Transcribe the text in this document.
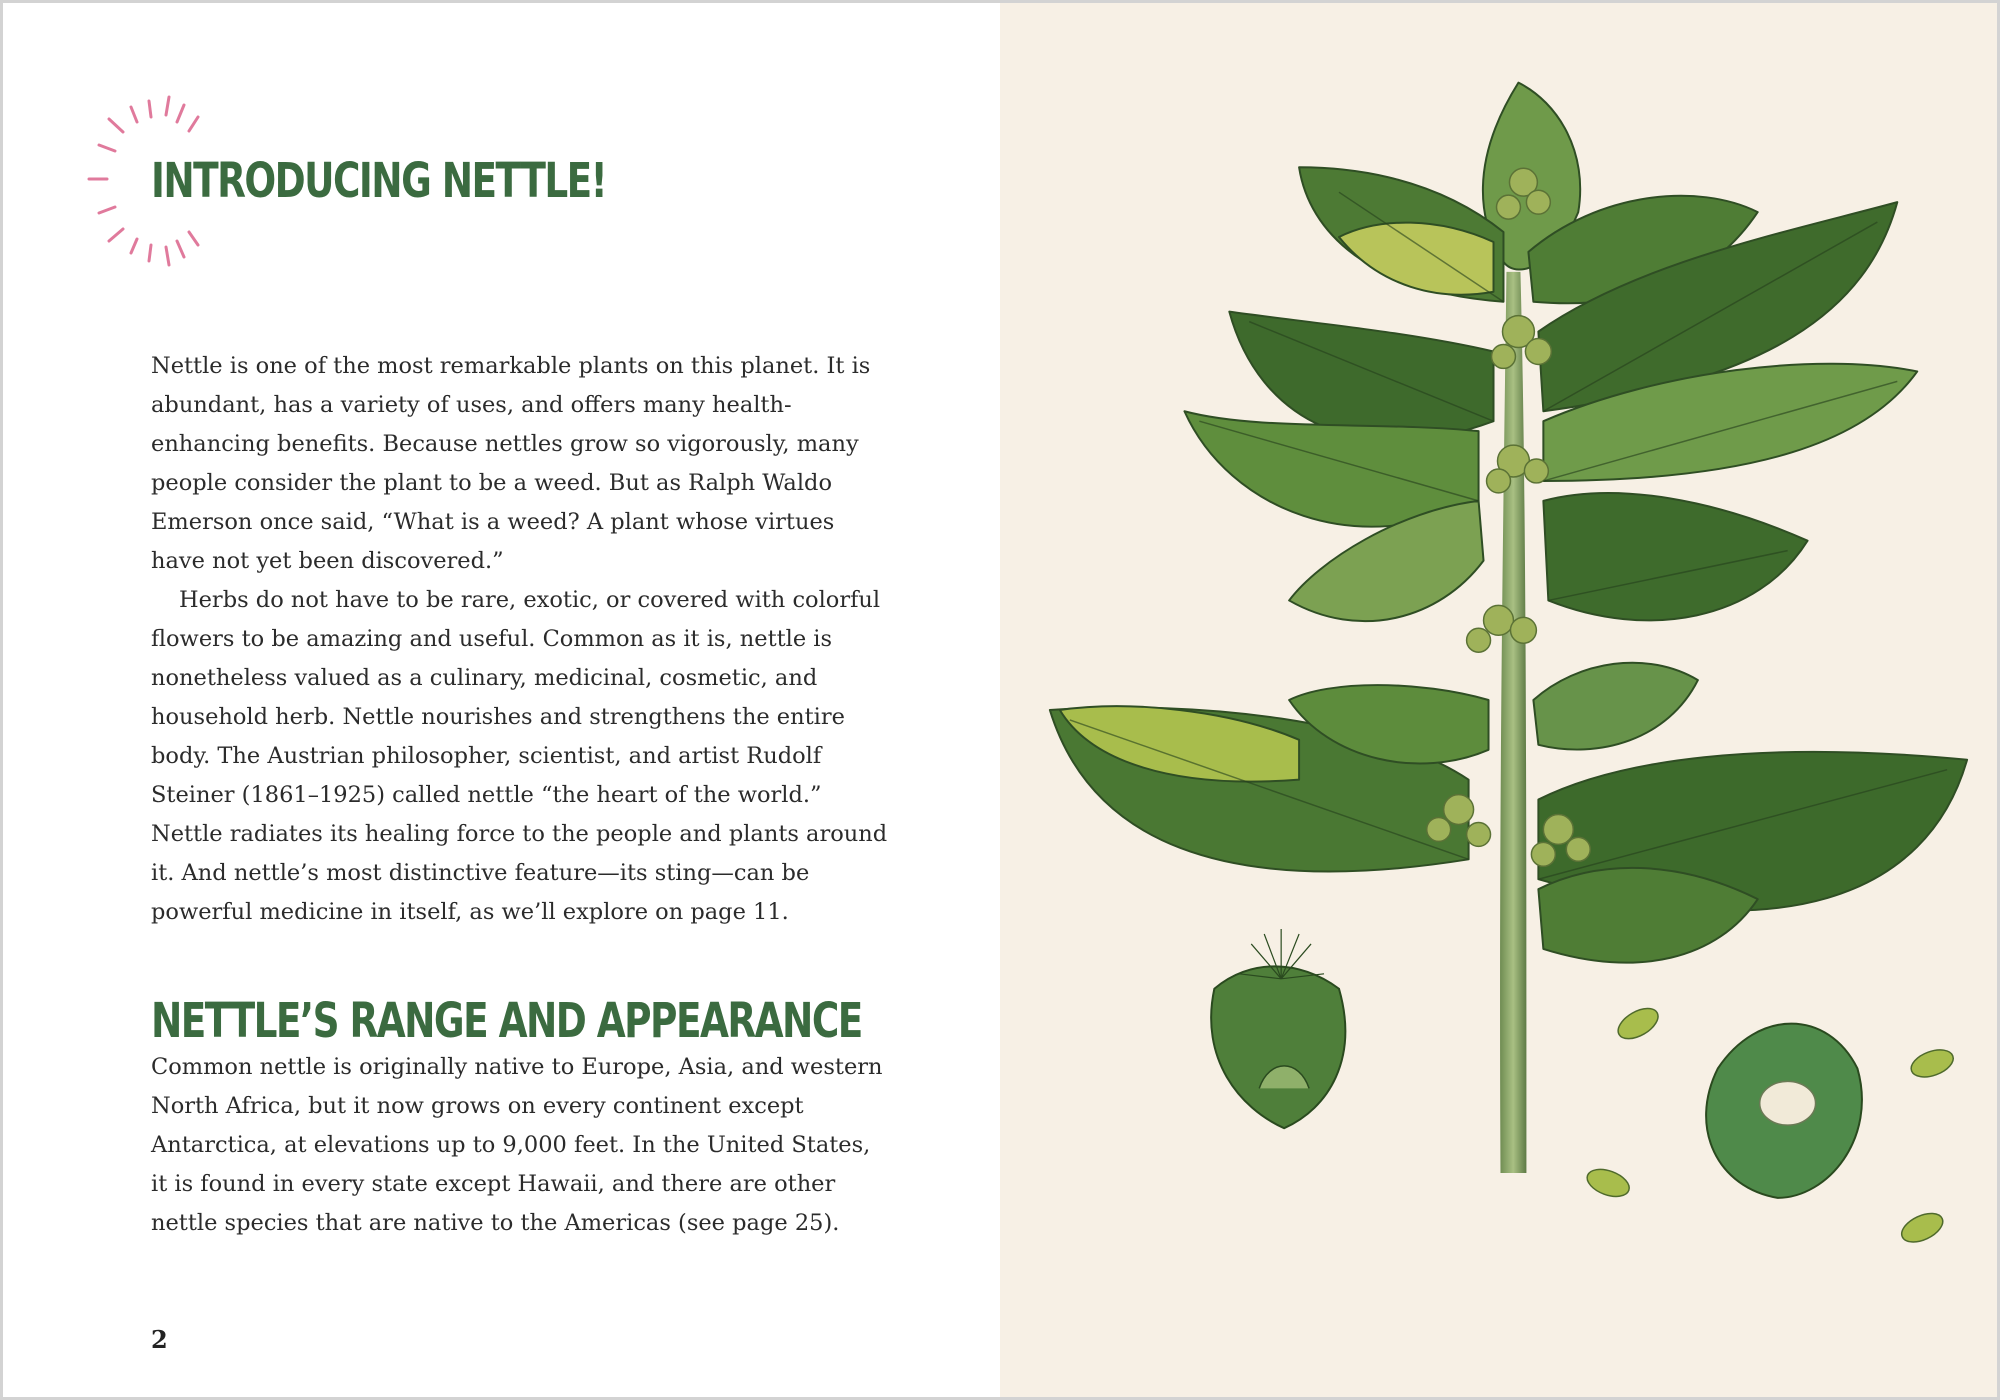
INTRODUCING NETTLE!

Nettle is one of the most remarkable plants on this planet. It is abundant, has a variety of uses, and offers many health-enhancing benefits. Because nettles grow so vigorously, many people consider the plant to be a weed. But as Ralph Waldo Emerson once said, “What is a weed? A plant whose virtues have not yet been discovered.”

Herbs do not have to be rare, exotic, or covered with colorful flowers to be amazing and useful. Common as it is, nettle is nonetheless valued as a culinary, medicinal, cosmetic, and household herb. Nettle nourishes and strengthens the entire body. The Austrian philosopher, scientist, and artist Rudolf Steiner (1861–1925) called nettle “the heart of the world.” Nettle radiates its healing force to the people and plants around it. And nettle’s most distinctive feature—its sting—can be powerful medicine in itself, as we’ll explore on page 11.

NETTLE’S RANGE AND APPEARANCE

Common nettle is originally native to Europe, Asia, and western North Africa, but it now grows on every continent except Antarctica, at elevations up to 9,000 feet. In the United States, it is found in every state except Hawaii, and there are other nettle species that are native to the Americas (see page 25).

2
